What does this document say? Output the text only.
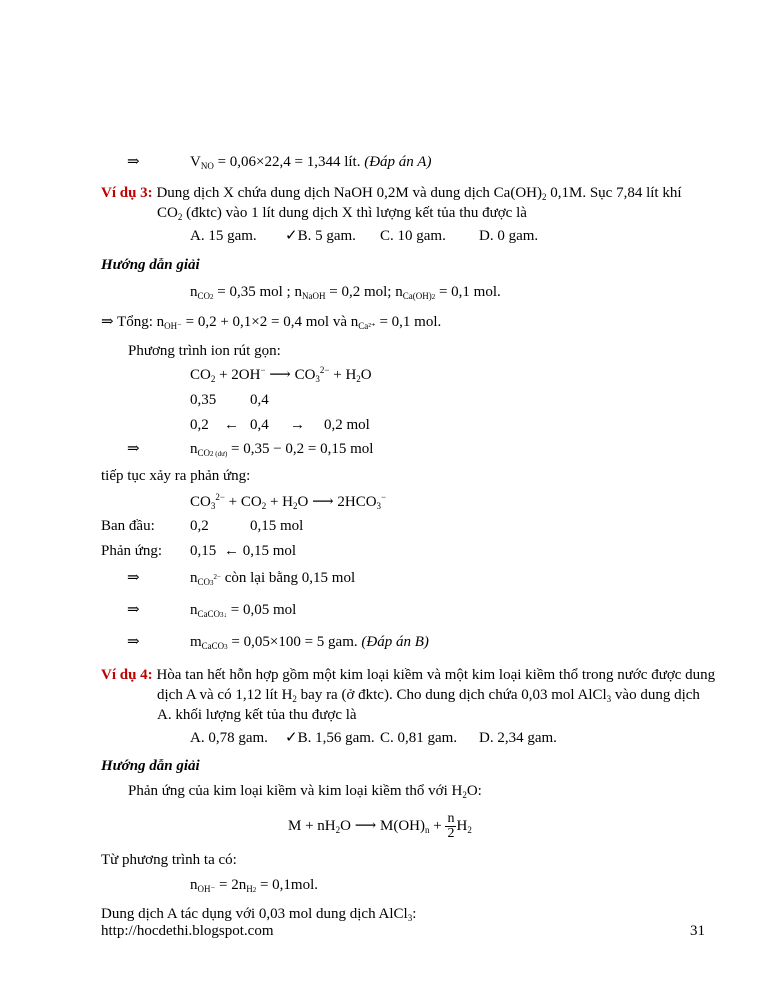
⇒	$V_{NO} = 0,06\times 22,4 = 1,344$ lít. (Đáp án A)
Ví dụ 3: Dung dịch X chứa dung dịch NaOH 0,2M và dung dịch $Ca(OH)_2$ 0,1M. Sục 7,84 lít khí
$CO_2$ (đktc) vào 1 lít dung dịch X thì lượng kết tủa thu được là
A. 15 gam. ✓B. 5 gam. C. 10 gam. D. 0 gam.
Hướng dẫn giải
$n_{CO2} = 0,35$ mol ; $n_{NaOH} = 0,2$ mol; $n_{Ca(OH)2} = 0,1$ mol.
⇒ Tổng: $n_{OH^-} = 0,2 + 0,1\times 2 = 0,4$ mol và $n_{Ca^{2+}} = 0,1$ mol.
Phương trình ion rút gọn:
$CO_2 + 2OH^-$ ⟶ $CO_3^{2-} + H_2O$
0,35 0,4
0,2 ← 0,4 → 0,2 mol
⇒	$n_{CO2 (dư)} = 0,35 - 0,2 = 0,15$ mol
tiếp tục xảy ra phản ứng:
$CO_3^{2-} + CO_2 + H_2O$ ⟶ $2HCO_3^-$
Ban đầu: 0,2	0,15 mol
Phản ứng: 0,15 ← 0,15 mol
⇒	$n_{CO3^{2-}}$ còn lại bằng 0,15 mol
⇒	$n_{CaCO3↓} = 0,05$ mol
⇒	$m_{CaCO3} = 0,05\times 100 = 5$ gam. (Đáp án B)
Ví dụ 4: Hòa tan hết hỗn hợp gồm một kim loại kiềm và một kim loại kiềm thổ trong nước được dung
dịch A và có 1,12 lít $H_2$ bay ra (ở đktc). Cho dung dịch chứa 0,03 mol AlCl$_3$ vào dung dịch
A. khối lượng kết tủa thu được là
A. 0,78 gam. ✓B. 1,56 gam. C. 0,81 gam. D. 2,34 gam.
Hướng dẫn giải
Phản ứng của kim loại kiềm và kim loại kiềm thổ với $H_2O$:
$M + nH_2O$ ⟶ $M(OH)_n + \frac{n}{2} H_2$
Từ phương trình ta có:
$n_{OH^-} = 2n_{H2} = 0,1mol$.
Dung dịch A tác dụng với 0,03 mol dung dịch AlCl$_3$:
http://hocdethi.blogspot.com	31
